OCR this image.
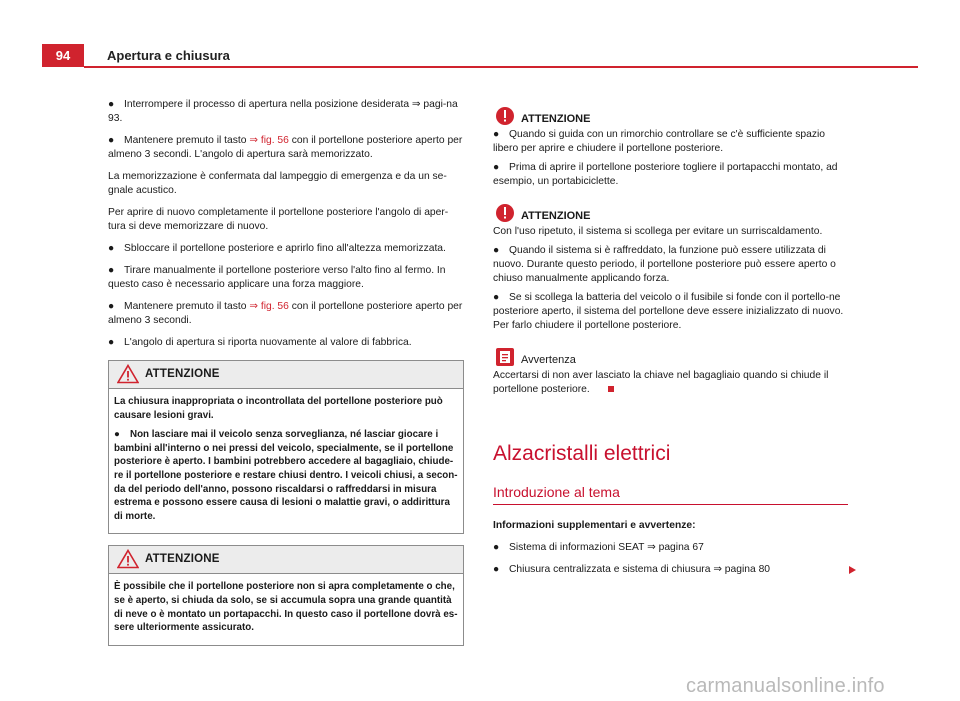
94	Apertura e chiusura

● Interrompere il processo di apertura nella posizione desiderata ⇒ pagi-na 93.

● Mantenere premuto il tasto ⇒ fig. 56 con il portellone posteriore aperto per almeno 3 secondi. L'angolo di apertura sarà memorizzato.

La memorizzazione è confermata dal lampeggio di emergenza e da un se-gnale acustico.

Per aprire di nuovo completamente il portellone posteriore l'angolo di aper-tura si deve memorizzare di nuovo.

● Sbloccare il portellone posteriore e aprirlo fino all'altezza memorizzata.

● Tirare manualmente il portellone posteriore verso l'alto fino al fermo. In questo caso è necessario applicare una forza maggiore.

● Mantenere premuto il tasto ⇒ fig. 56 con il portellone posteriore aperto per almeno 3 secondi.

● L'angolo di apertura si riporta nuovamente al valore di fabbrica.

ATTENZIONE

La chiusura inappropriata o incontrollata del portellone posteriore può causare lesioni gravi.

● Non lasciare mai il veicolo senza sorveglianza, né lasciar giocare i bambini all'interno o nei pressi del veicolo, specialmente, se il portellone posteriore è aperto. I bambini potrebbero accedere al bagagliaio, chiude-re il portellone posteriore e restare chiusi dentro. I veicoli chiusi, a secon-da del periodo dell'anno, possono riscaldarsi o raffreddarsi in misura estrema e possono essere causa di lesioni o malattie gravi, o addirittura di morte.

ATTENZIONE

È possibile che il portellone posteriore non si apra completamente o che, se è aperto, si chiuda da solo, se si accumula sopra una grande quantità di neve o è montato un portapacchi. In questo caso il portellone dovrà es-sere ulteriormente assicurato.

ATTENZIONE

● Quando si guida con un rimorchio controllare se c'è sufficiente spazio libero per aprire e chiudere il portellone posteriore.

● Prima di aprire il portellone posteriore togliere il portapacchi montato, ad esempio, un portabiciclette.

ATTENZIONE

Con l'uso ripetuto, il sistema si scollega per evitare un surriscaldamento.

● Quando il sistema si è raffreddato, la funzione può essere utilizzata di nuovo. Durante questo periodo, il portellone posteriore può essere aperto o chiuso manualmente applicando forza.

● Se si scollega la batteria del veicolo o il fusibile si fonde con il portello-ne posteriore aperto, il sistema del portellone deve essere inizializzato di nuovo. Per farlo chiudere il portellone posteriore.

Avvertenza

Accertarsi di non aver lasciato la chiave nel bagagliaio quando si chiude il portellone posteriore.

Alzacristalli elettrici
Introduzione al tema

Informazioni supplementari e avvertenze:

● Sistema di informazioni SEAT ⇒ pagina 67

● Chiusura centralizzata e sistema di chiusura ⇒ pagina 80

carmanualsonline.info
